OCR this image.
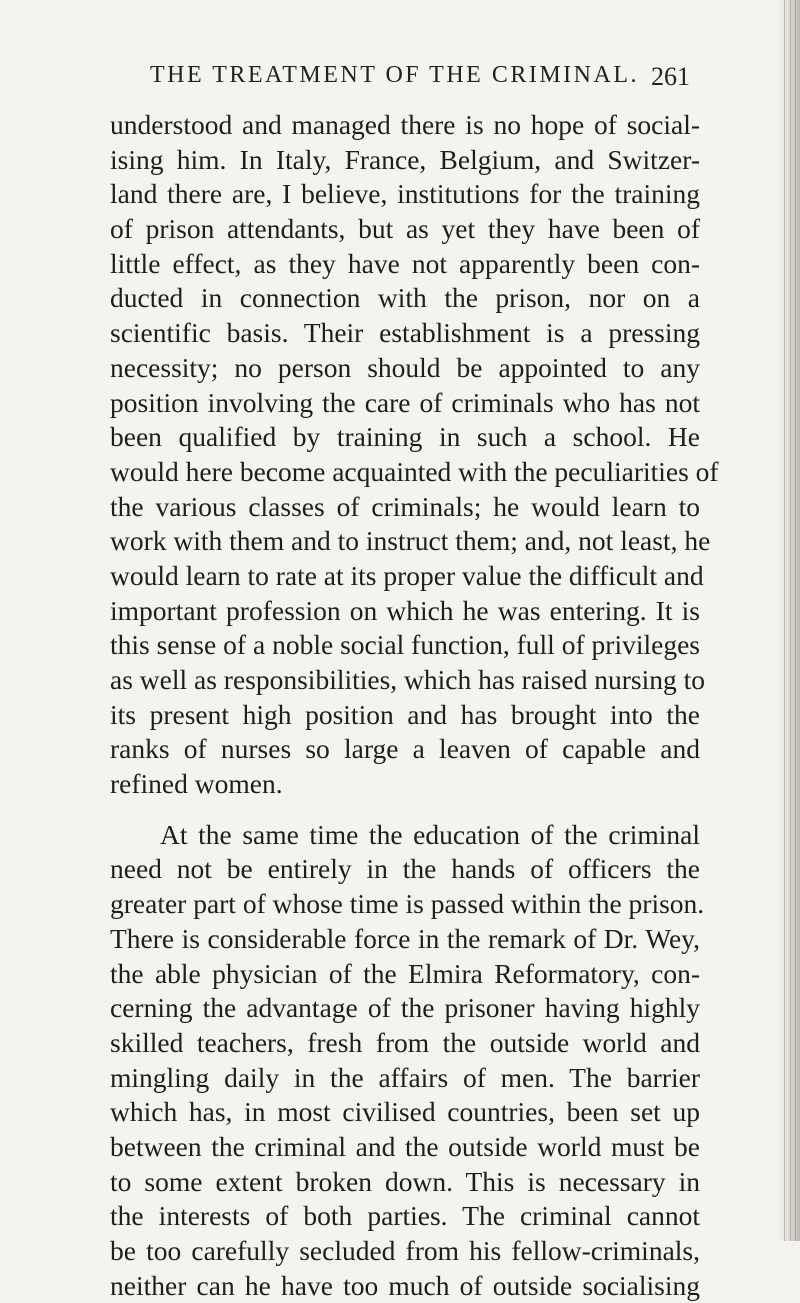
THE TREATMENT OF THE CRIMINAL. 261
understood and managed there is no hope of social-
ising him. In Italy, France, Belgium, and Switzer-
land there are, I believe, institutions for the training
of prison attendants, but as yet they have been of
little effect, as they have not apparently been con-
ducted in connection with the prison, nor on a
scientific basis. Their establishment is a pressing
necessity; no person should be appointed to any
position involving the care of criminals who has not
been qualified by training in such a school. He
would here become acquainted with the peculiarities of
the various classes of criminals; he would learn to
work with them and to instruct them; and, not least, he
would learn to rate at its proper value the difficult and
important profession on which he was entering. It is
this sense of a noble social function, full of privileges
as well as responsibilities, which has raised nursing to
its present high position and has brought into the
ranks of nurses so large a leaven of capable and
refined women.
At the same time the education of the criminal
need not be entirely in the hands of officers the
greater part of whose time is passed within the prison.
There is considerable force in the remark of Dr. Wey,
the able physician of the Elmira Reformatory, con-
cerning the advantage of the prisoner having highly
skilled teachers, fresh from the outside world and
mingling daily in the affairs of men. The barrier
which has, in most civilised countries, been set up
between the criminal and the outside world must be
to some extent broken down. This is necessary in
the interests of both parties. The criminal cannot
be too carefully secluded from his fellow-criminals,
neither can he have too much of outside socialising
